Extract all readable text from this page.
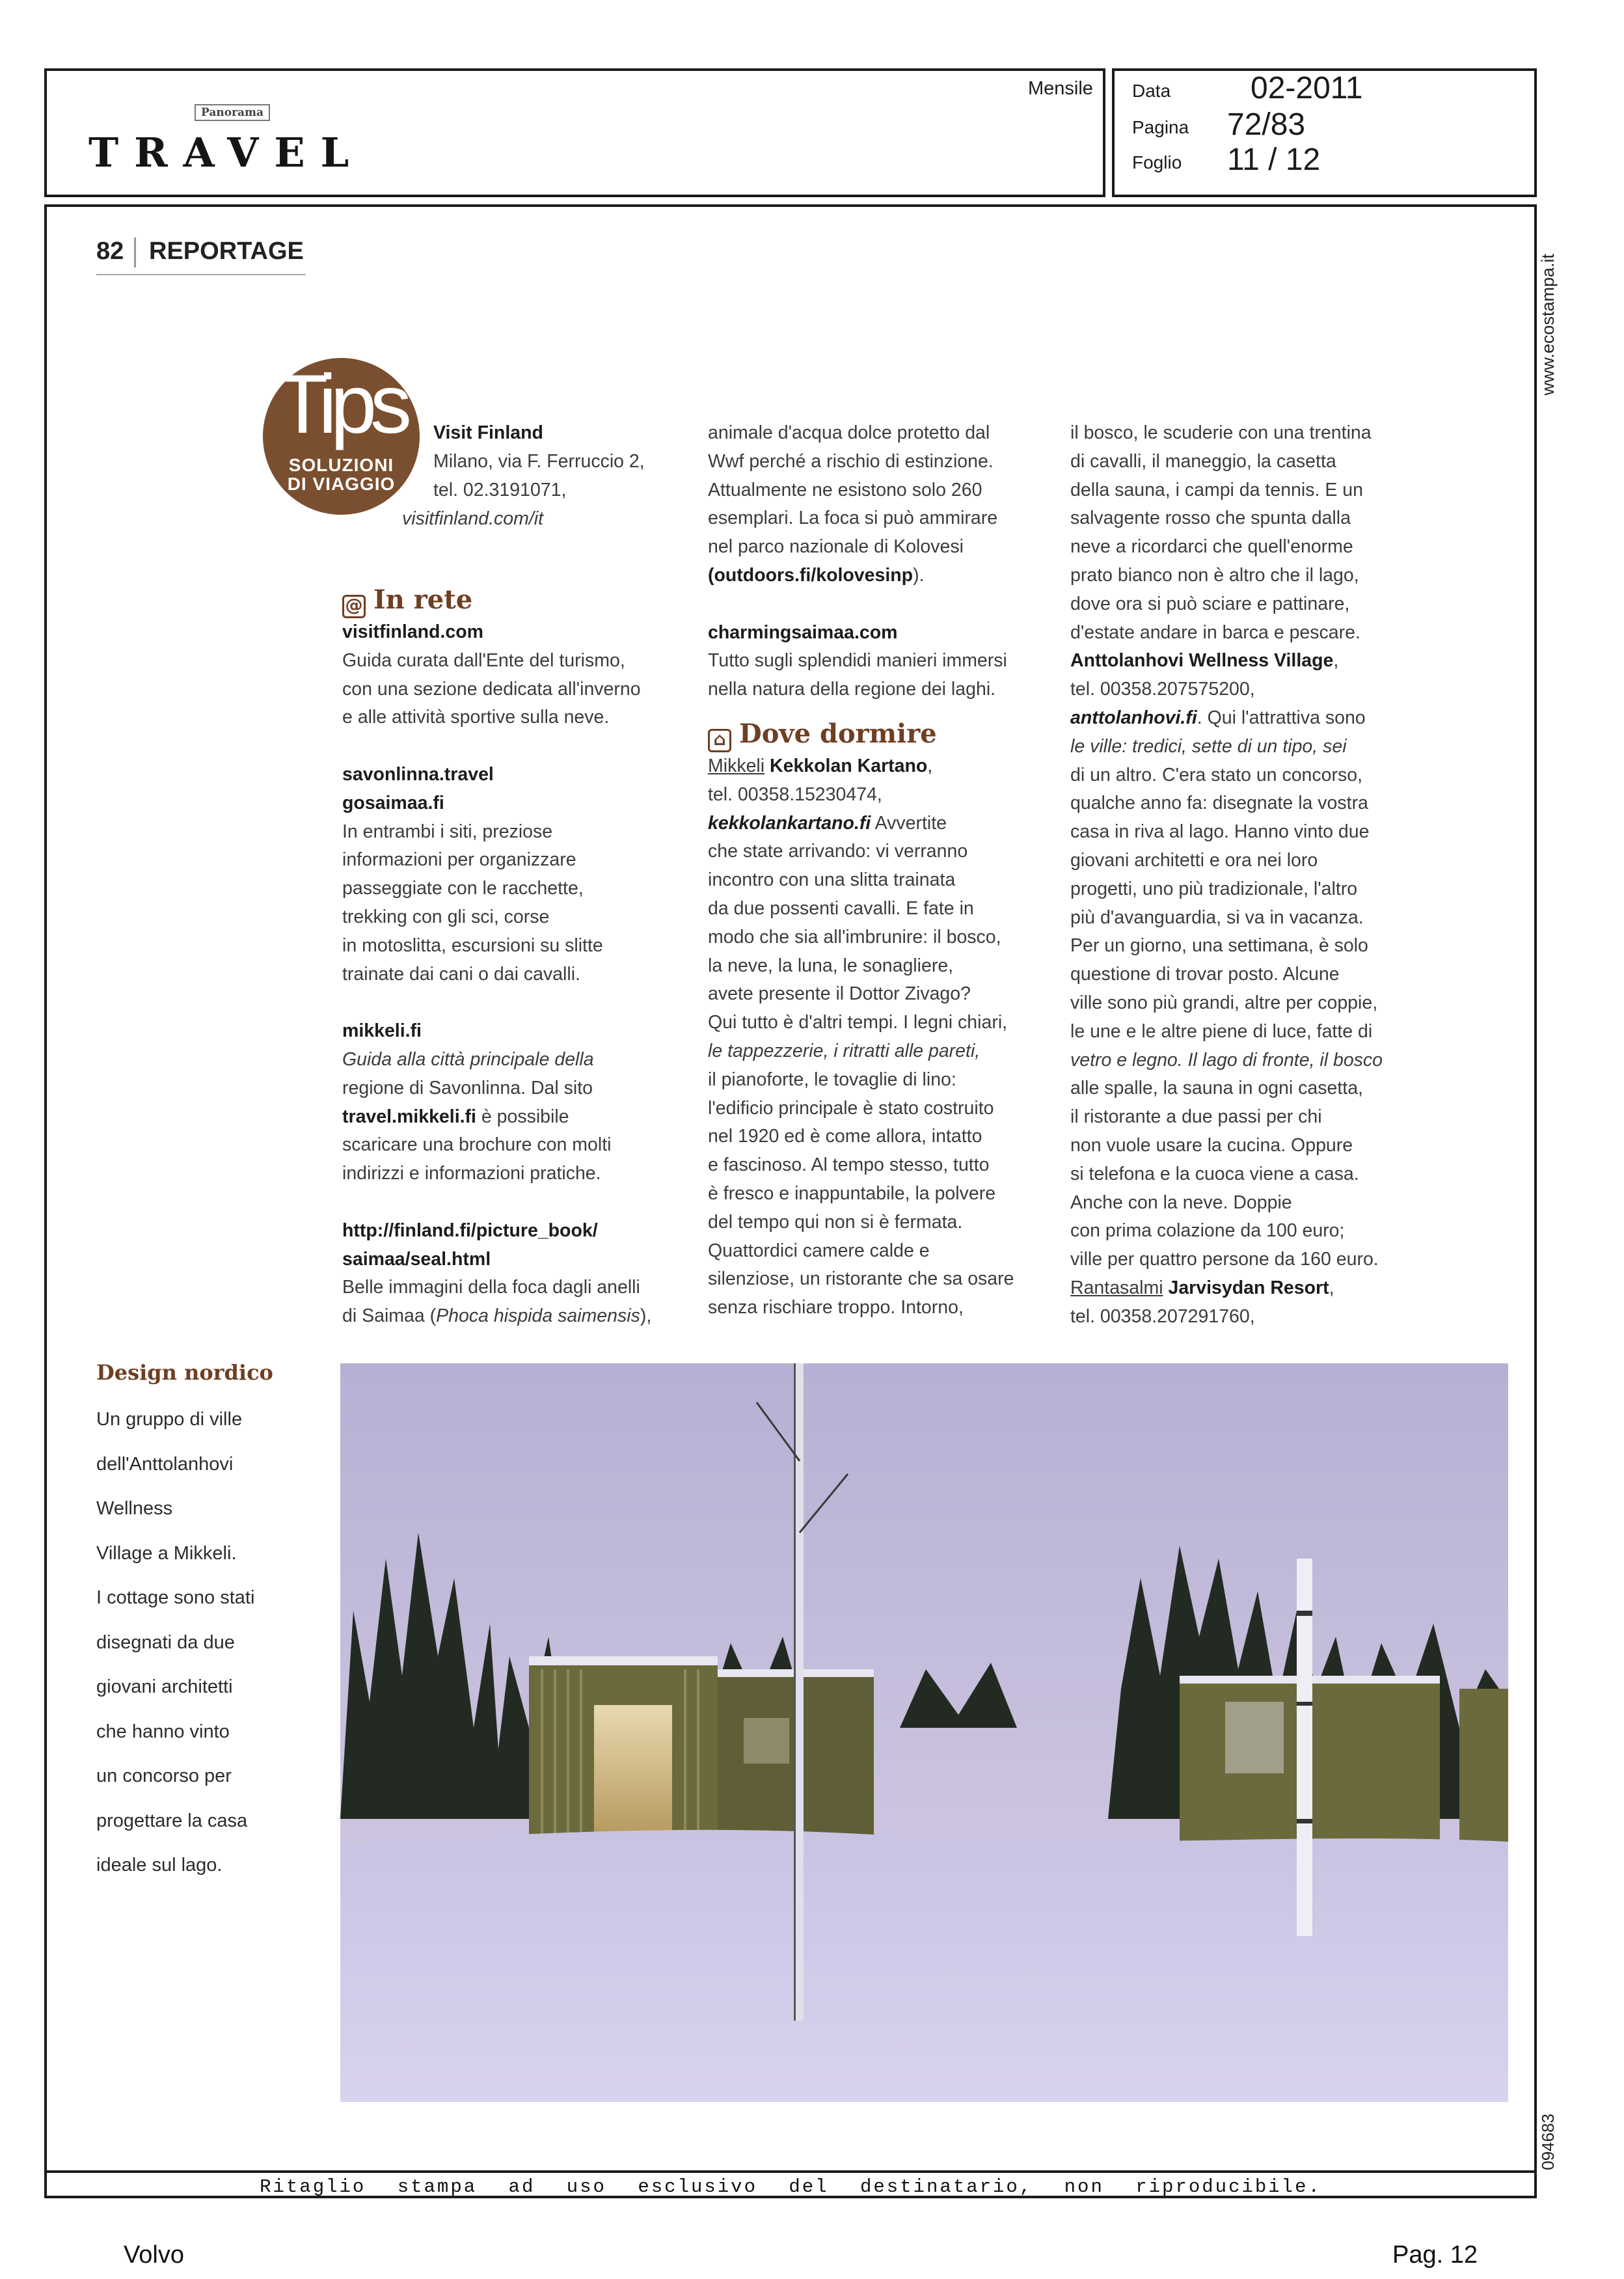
Panorama
TRAVEL
Mensile Data	02-2011
Pagina 72/83
Foglio 11 / 12
www.ecostampa.it
094683
82 REPORTAGE
Tips
SOLUZIONI
DI VIAGGIO

Visit Finland

Milano, via F. Ferruccio 2,

tel. 02.3191071,

visitfinland.com/it
@ In rete

visitfinland.com

Guida curata dall'Ente del turismo,

con una sezione dedicata all'inverno

e alle attività sportive sulla neve.

savonlinna.travel

gosaimaa.fi

In entrambi i siti, preziose

informazioni per organizzare

passeggiate con le racchette,

trekking con gli sci, corse

in motoslitta, escursioni su slitte

trainate dai cani o dai cavalli.

mikkeli.fi

Guida alla città principale della

regione di Savonlinna. Dal sito

travel.mikkeli.fi è possibile

scaricare una brochure con molti

indirizzi e informazioni pratiche.

http://finland.fi/picture_book/

saimaa/seal.html

Belle immagini della foca dagli anelli

di Saimaa (Phoca hispida saimensis),

animale d'acqua dolce protetto dal

Wwf perché a rischio di estinzione.

Attualmente ne esistono solo 260

esemplari. La foca si può ammirare

nel parco nazionale di Kolovesi

(outdoors.fi/kolovesinp).

charmingsaimaa.com

Tutto sugli splendidi manieri immersi

nella natura della regione dei laghi.

⌂ Dove dormire

Mikkeli Kekkolan Kartano,

tel. 00358.15230474,

kekkolankartano.fi Avvertite

che state arrivando: vi verranno

incontro con una slitta trainata

da due possenti cavalli. E fate in

modo che sia all'imbrunire: il bosco,

la neve, la luna, le sonagliere,

avete presente il Dottor Zivago?

Qui tutto è d'altri tempi. I legni chiari,

le tappezzerie, i ritratti alle pareti,

il pianoforte, le tovaglie di lino:

l'edificio principale è stato costruito

nel 1920 ed è come allora, intatto

e fascinoso. Al tempo stesso, tutto

è fresco e inappuntabile, la polvere

del tempo qui non si è fermata.

Quattordici camere calde e

silenziose, un ristorante che sa osare

senza rischiare troppo. Intorno,

il bosco, le scuderie con una trentina

di cavalli, il maneggio, la casetta

della sauna, i campi da tennis. E un

salvagente rosso che spunta dalla

neve a ricordarci che quell'enorme

prato bianco non è altro che il lago,

dove ora si può sciare e pattinare,

d'estate andare in barca e pescare.

Anttolanhovi Wellness Village,

tel. 00358.207575200,

anttolanhovi.fi. Qui l'attrattiva sono

le ville: tredici, sette di un tipo, sei

di un altro. C'era stato un concorso,

qualche anno fa: disegnate la vostra

casa in riva al lago. Hanno vinto due

giovani architetti e ora nei loro

progetti, uno più tradizionale, l'altro

più d'avanguardia, si va in vacanza.

Per un giorno, una settimana, è solo

questione di trovar posto. Alcune

ville sono più grandi, altre per coppie,

le une e le altre piene di luce, fatte di

vetro e legno. Il lago di fronte, il bosco

alle spalle, la sauna in ogni casetta,

il ristorante a due passi per chi

non vuole usare la cucina. Oppure

si telefona e la cuoca viene a casa.

Anche con la neve. Doppie

con prima colazione da 100 euro;

ville per quattro persone da 160 euro.

Rantasalmi Jarvisydan Resort,

tel. 00358.207291760,

Design nordico

Un gruppo di ville

dell'Anttolanhovi

Wellness

Village a Mikkeli.

I cottage sono stati

disegnati da due

giovani architetti

che hanno vinto

un concorso per

progettare la casa

ideale sul lago.

Ritaglio stampa ad uso esclusivo del destinatario, non riproducibile.
Volvo	Pag. 12
